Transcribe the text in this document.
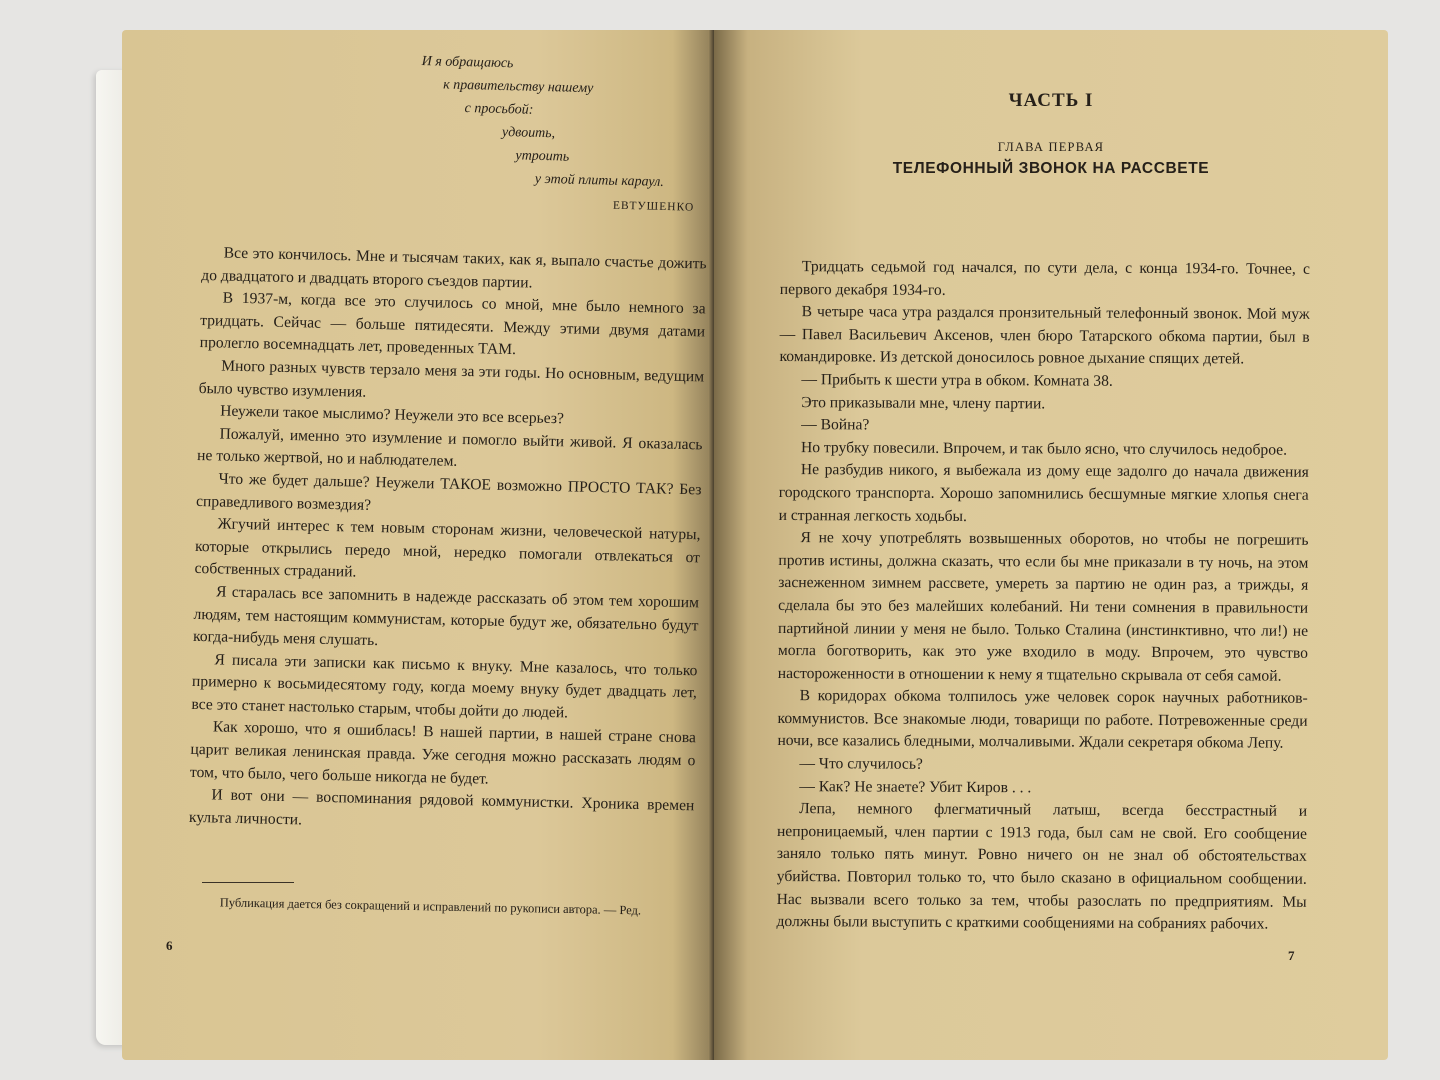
И я обращаюсь
к правительству нашему
с просьбой:
удвоить,
утроить
у этой плиты караул.
ЕВТУШЕНКО

Все это кончилось. Мне и тысячам таких, как я, выпало счастье дожить до двадцатого и двадцать второго съездов партии.

В 1937-м, когда все это случилось со мной, мне было немного за тридцать. Сейчас — больше пятидесяти. Между этими двумя датами пролегло восемнадцать лет, проведенных ТАМ.

Много разных чувств терзало меня за эти годы. Но основным, ведущим было чувство изумления.

Неужели такое мыслимо? Неужели это все всерьез?

Пожалуй, именно это изумление и помогло выйти живой. Я оказалась не только жертвой, но и наблюдателем.

Что же будет дальше? Неужели ТАКОЕ возможно ПРОСТО ТАК? Без справедливого возмездия?

Жгучий интерес к тем новым сторонам жизни, человеческой натуры, которые открылись передо мной, нередко помогали отвлекаться от собственных страданий.

Я старалась все запомнить в надежде рассказать об этом тем хорошим людям, тем настоящим коммунистам, которые будут же, обязательно будут когда-нибудь меня слушать.

Я писала эти записки как письмо к внуку. Мне казалось, что только примерно к восьмидесятому году, когда моему внуку будет двадцать лет, все это станет настолько старым, чтобы дойти до людей.

Как хорошо, что я ошиблась! В нашей партии, в нашей стране снова царит великая ленинская правда. Уже сегодня можно рассказать людям о том, что было, чего больше никогда не будет.

И вот они — воспоминания рядовой коммунистки. Хроника времен культа личности.

Публикация дается без сокращений и исправлений по рукописи автора. — Ред.
6
ЧАСТЬ I
ГЛАВА ПЕРВАЯ
ТЕЛЕФОННЫЙ ЗВОНОК НА РАССВЕТЕ

Тридцать седьмой год начался, по сути дела, с конца 1934-го. Точнее, с первого декабря 1934-го.

В четыре часа утра раздался пронзительный телефонный звонок. Мой муж — Павел Васильевич Аксенов, член бюро Татарского обкома партии, был в командировке. Из детской доносилось ровное дыхание спящих детей.

— Прибыть к шести утра в обком. Комната 38.

Это приказывали мне, члену партии.

— Война?

Но трубку повесили. Впрочем, и так было ясно, что случилось недоброе.

Не разбудив никого, я выбежала из дому еще задолго до начала движения городского транспорта. Хорошо запомнились бесшумные мягкие хлопья снега и странная легкость ходьбы.

Я не хочу употреблять возвышенных оборотов, но чтобы не погрешить против истины, должна сказать, что если бы мне приказали в ту ночь, на этом заснеженном зимнем рассвете, умереть за партию не один раз, а трижды, я сделала бы это без малейших колебаний. Ни тени сомнения в правильности партийной линии у меня не было. Только Сталина (инстинктивно, что ли!) не могла боготворить, как это уже входило в моду. Впрочем, это чувство настороженности в отношении к нему я тщательно скрывала от себя самой.

В коридорах обкома толпилось уже человек сорок научных работников-коммунистов. Все знакомые люди, товарищи по работе. Потревоженные среди ночи, все казались бледными, молчаливыми. Ждали секретаря обкома Лепу.

— Что случилось?

— Как? Не знаете? Убит Киров . . .

Лепа, немного флегматичный латыш, всегда бесстрастный и непроницаемый, член партии с 1913 года, был сам не свой. Его сообщение заняло только пять минут. Ровно ничего он не знал об обстоятельствах убийства. Повторил только то, что было сказано в официальном сообщении. Нас вызвали всего только за тем, чтобы разослать по предприятиям. Мы должны были выступить с краткими сообщениями на собраниях рабочих.

7
